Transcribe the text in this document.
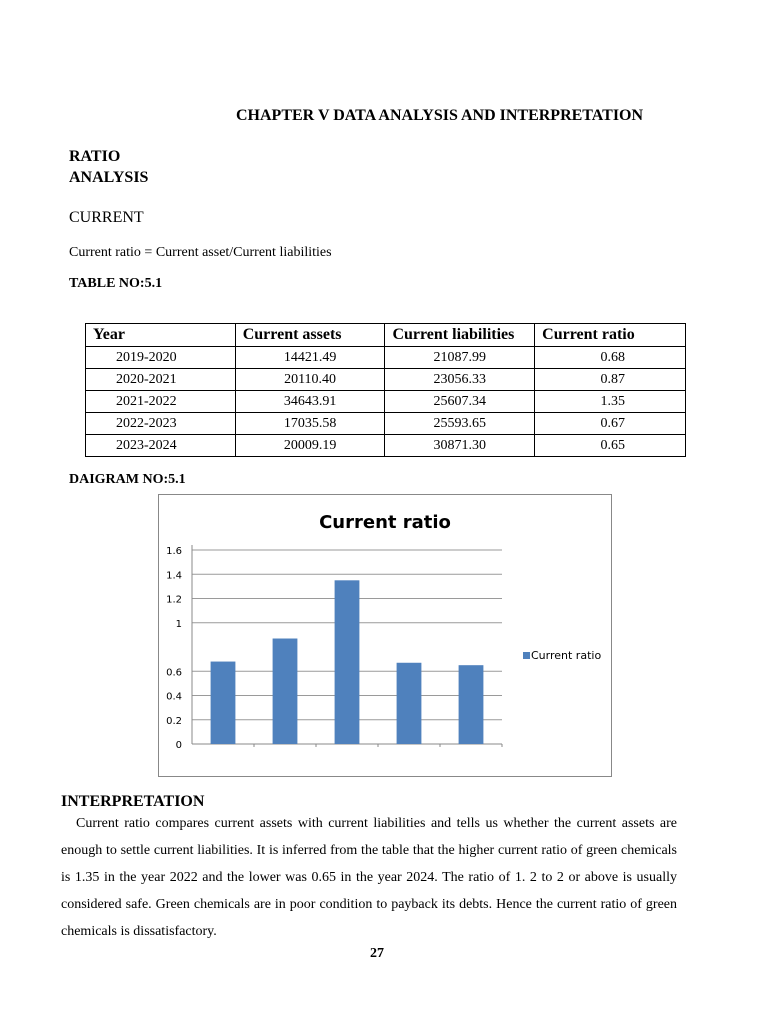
CHAPTER V DATA ANALYSIS AND INTERPRETATION
RATIO
ANALYSIS
CURRENT
Current ratio = Current asset/Current liabilities
TABLE NO:5.1
Year	Current assets	Current liabilities	Current ratio
2019-2020	14421.49	21087.99	0.68
2020-2021	20110.40	23056.33	0.87
2021-2022	34643.91	25607.34	1.35
2022-2023	17035.58	25593.65	0.67
2023-2024	20009.19	30871.30	0.65
DAIGRAM NO:5.1
Current ratio
1.6
1.4
1.2
1
0.6
0.4
0.2
0
Current ratio
INTERPRETATION

Current ratio compares current assets with current liabilities and tells us whether the current assets are enough to settle current liabilities. It is inferred from the table that the higher current ratio of green chemicals is 1.35 in the year 2022 and the lower was 0.65 in the year 2024. The ratio of 1. 2 to 2 or above is usually considered safe. Green chemicals are in poor condition to payback its debts. Hence the current ratio of green chemicals is dissatisfactory.

27
